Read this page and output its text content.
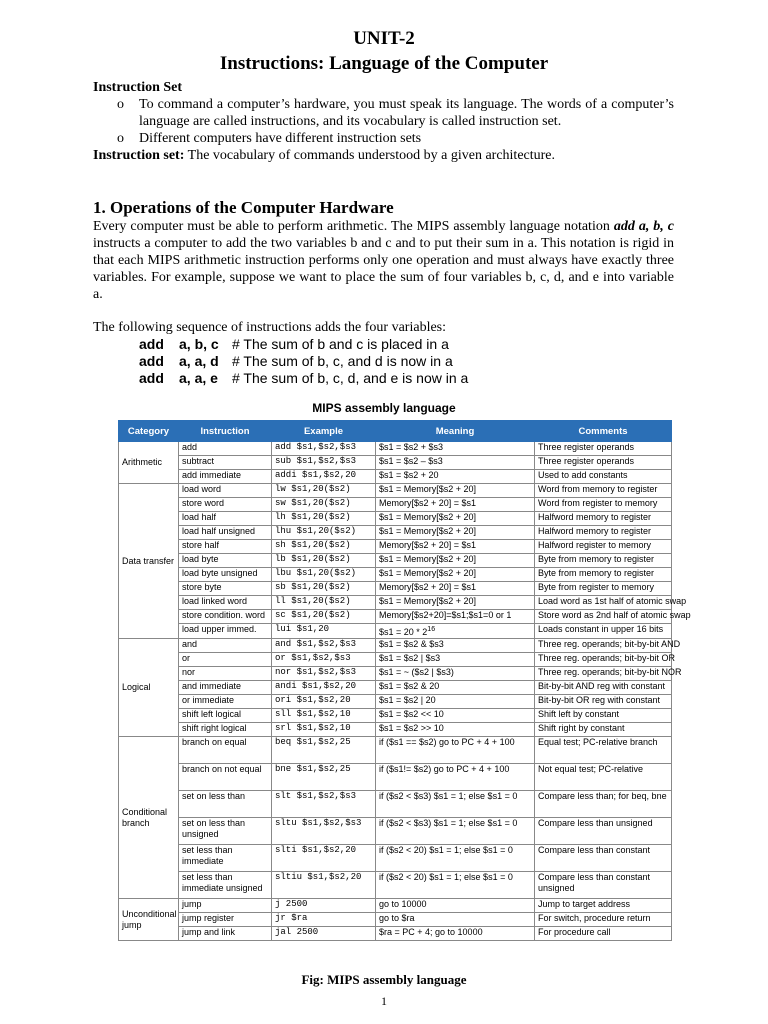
UNIT-2
Instructions: Language of the Computer
Instruction Set
o To command a computer’s hardware, you must speak its language. The words of a computer’s language are called instructions, and its vocabulary is called instruction set.
o Different computers have different instruction sets
Instruction set: The vocabulary of commands understood by a given architecture.
1. Operations of the Computer Hardware
Every computer must be able to perform arithmetic. The MIPS assembly language notation add a, b, c instructs a computer to add the two variables b and c and to put their sum in a. This notation is rigid in that each MIPS arithmetic instruction performs only one operation and must always have exactly three variables. For example, suppose we want to place the sum of four variables b, c, d, and e into variable a.
The following sequence of instructions adds the four variables:
add	a, b, c # The sum of b and c is placed in a
add	a, a, d # The sum of b, c, and d is now in a
add	a, a, e	# The sum of b, c, d, and e is now in a
MIPS assembly language
Category	Instruction	Example	Meaning	Comments
Arithmetic	add	add $s1,$s2,$s3	$s1 = $s2 + $s3	Three register operands
	subtract	sub $s1,$s2,$s3	$s1 = $s2 – $s3	Three register operands
	add immediate	addi $s1,$s2,20	$s1 = $s2 + 20	Used to add constants
Data transfer	load word	lw $s1,20($s2)	$s1 = Memory[$s2 + 20]	Word from memory to register
	store word	sw $s1,20($s2)	Memory[$s2 + 20] = $s1	Word from register to memory
	load half	lh $s1,20($s2)	$s1 = Memory[$s2 + 20]	Halfword memory to register
	load half unsigned	lhu $s1,20($s2)	$s1 = Memory[$s2 + 20]	Halfword memory to register
	store half	sh $s1,20($s2)	Memory[$s2 + 20] = $s1	Halfword register to memory
	load byte	lb $s1,20($s2)	$s1 = Memory[$s2 + 20]	Byte from memory to register
	load byte unsigned	lbu $s1,20($s2)	$s1 = Memory[$s2 + 20]	Byte from memory to register
	store byte	sb $s1,20($s2)	Memory[$s2 + 20] = $s1	Byte from register to memory
	load linked word	ll $s1,20($s2)	$s1 = Memory[$s2 + 20]	Load word as 1st half of atomic swap
	store condition. word	sc $s1,20($s2)	Memory[$s2+20]=$s1;$s1=0 or 1	Store word as 2nd half of atomic swap
	load upper immed.	lui $s1,20	$s1 = $20 * 2^{16}$	Loads constant in upper 16 bits
Logical	and	and $s1,$s2,$s3	$s1 = $s2 & $s3	Three reg. operands; bit-by-bit AND
	or	or $s1,$s2,$s3	$s1 = $s2 | $s3	Three reg. operands; bit-by-bit OR
	nor	nor $s1,$s2,$s3	$s1 = ~ ($s2 | $s3)	Three reg. operands; bit-by-bit NOR
	and immediate	andi $s1,$s2,20	$s1 = $s2 & 20	Bit-by-bit AND reg with constant
	or immediate	ori $s1,$s2,20	$s1 = $s2 | 20	Bit-by-bit OR reg with constant
	shift left logical	sll $s1,$s2,10	$s1 = $s2 << 10	Shift left by constant
	shift right logical	srl $s1,$s2,10	$s1 = $s2 >> 10	Shift right by constant
Conditional branch	branch on equal	beq $s1,$s2,25	if ($s1 == $s2) go to PC + 4 + 100	Equal test; PC-relative branch
	branch on not equal	bne $s1,$s2,25	if ($s1!= $s2) go to PC + 4 + 100	Not equal test; PC-relative
	set on less than	slt $s1,$s2,$s3	if ($s2 < $s3) $s1 = 1; else $s1 = 0	Compare less than; for beq, bne
	set on less than unsigned	sltu $s1,$s2,$s3	if ($s2 < $s3) $s1 = 1; else $s1 = 0	Compare less than unsigned
	set less than immediate	slti $s1,$s2,20	if ($s2 < 20) $s1 = 1; else $s1 = 0	Compare less than constant
	set less than immediate unsigned	sltiu $s1,$s2,20	if ($s2 < 20) $s1 = 1; else $s1 = 0	Compare less than constant unsigned
Unconditional jump	jump	j 2500	go to 10000	Jump to target address
	jump register	jr $ra	go to $ra	For switch, procedure return
	jump and link	jal 2500	$ra = PC + 4; go to 10000	For procedure call
Fig: MIPS assembly language
1
